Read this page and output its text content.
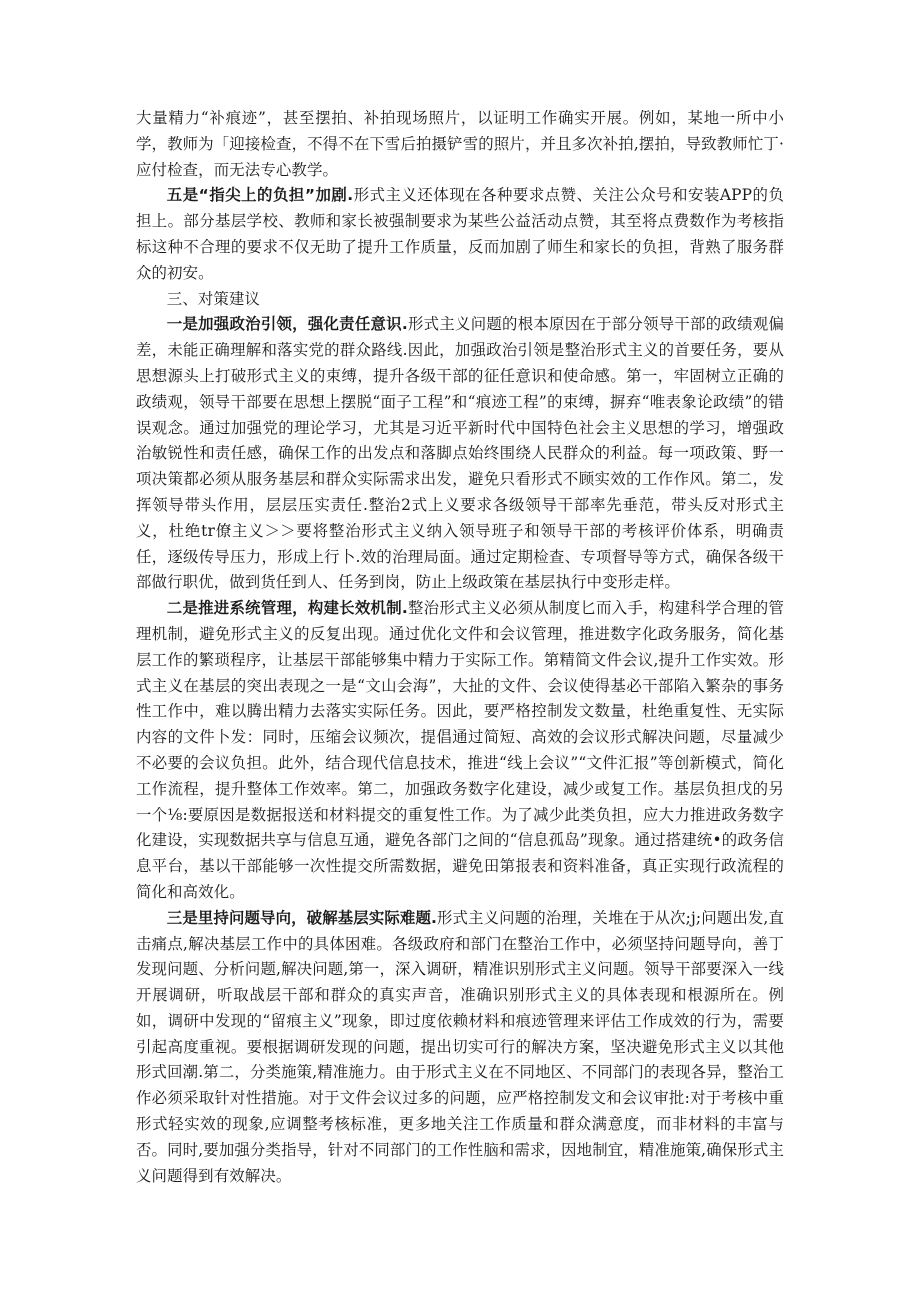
大量精力“补痕迹”，甚至摆拍、补拍现场照片，以证明工作确实开展。例如，某地一所中小学，教师为「迎接检查，不得不在下雪后拍摄铲雪的照片，并且多次补拍,摆拍，导致教师忙丁·应付检查，而无法专心教学。

五是“指尖上的负担”加剧.形式主义还体现在各种要求点赞、关注公众号和安装APP的负担上。部分基层学校、教师和家长被强制要求为某些公益活动点赞，其至将点费数作为考核指标这种不合理的要求不仅无助了提升工作质量，反而加剧了师生和家长的负担，背熟了服务群众的初安。

三、对策建议

一是加强政治引领，强化责任意识.形式主义问题的根本原因在于部分领导干部的政绩观偏差，未能正确理解和落实党的群众路线.因此，加强政治引领是整治形式主义的首要任务，要从思想源头上打破形式主义的束缚，提升各级干部的征任意识和使命感。第一，牢固树立正确的政绩观，领导干部要在思想上摆脱“面子工程”和“痕迹工程”的束缚，摒弃“唯表象论政绩”的错误观念。通过加强党的理论学习，尤其是习近平新时代中国特色社会主义思想的学习，增强政治敏锐性和责任感，确保工作的出发点和落脚点始终围绕人民群众的利益。每一项政策、野一项决策都必须从服务基层和群众实际需求出发，避免只看形式不顾实效的工作作风。第二，发挥领导带头作用，层层压实责任.整治2式上义要求各级领导干部率先垂范，带头反对形式主义，杜绝tr僚主义＞＞要将整治形式主义纳入领导班子和领导干部的考核评价体系，明确责任，逐级传导压力，形成上行卜.效的治理局面。通过定期检查、专项督导等方式，确保各级干部做行职优，做到货任到人、任务到岗，防止上级政策在基层执行中变形走样。

二是推进系统管理，构建长效机制.整治形式主义必须从制度匕而入手，构建科学合理的管理机制，避免形式主义的反复出现。通过优化文件和会议管理，推进数字化政务服务，简化基层工作的繁琐程序，让基层干部能够集中精力于实际工作。第精简文件会议,提升工作实效。形式主义在基层的突出表现之一是“文山会海”，大扯的文件、会议使得基必干部陷入繁杂的事务性工作中，难以腾出精力去落实实际任务。因此，要严格控制发文数量，杜绝重复性、无实际内容的文件卜发：同时，压缩会议频次，提倡通过简短、高效的会议形式解决问题，尽量减少不必要的会议负担。此外，结合现代信息技术，推进“线上会议”“文件汇报”等创新模式，简化工作流程，提升整体工作效率。第二，加强政务数字化建设，减少或复工作。基层负担戊的另一个⅛:要原因是数据报送和材料提交的重复性工作。为了减少此类负担，应大力推进政务数字化建设，实现数据共享与信息互通，避免各部门之间的“信息孤岛”现象。通过搭建统•的政务信息平台，基以干部能够一次性提交所需数据，避免田第报表和资料准备，真正实现行政流程的简化和高效化。

三是里持问题导向，破解基层实际难题.形式主义问题的治理，关堆在于从次;j;问题出发,直击痛点,解决基层工作中的具体困难。各级政府和部门在整治工作中，必须坚持问题导向，善丁发现问题、分析问题,解决问题,第一，深入调研，精准识别形式主义问题。领导干部要深入一线开展调研，听取战层干部和群众的真实声音，准确识别形式主义的具体表现和根源所在。例如，调研中发现的“留痕主义”现象，即过度依赖材料和痕迹管理来评估工作成效的行为，需要引起高度重视。要根据调研发现的问题，提出切实可行的解决方案，坚决避免形式主义以其他形式回潮.第二，分类施策,精准施力。由于形式主义在不同地区、不同部门的表现各异，整治工作必须采取针对性措施。对于文件会议过多的问题，应严格控制发文和会议审批:对于考核中重形式轻实效的现象,应调整考核标准，更多地关注工作质量和群众满意度，而非材料的丰富与否。同时,要加强分类指导，针对不同部门的工作性脑和需求，因地制宜，精准施策,确保形式主义问题得到有效解决。
